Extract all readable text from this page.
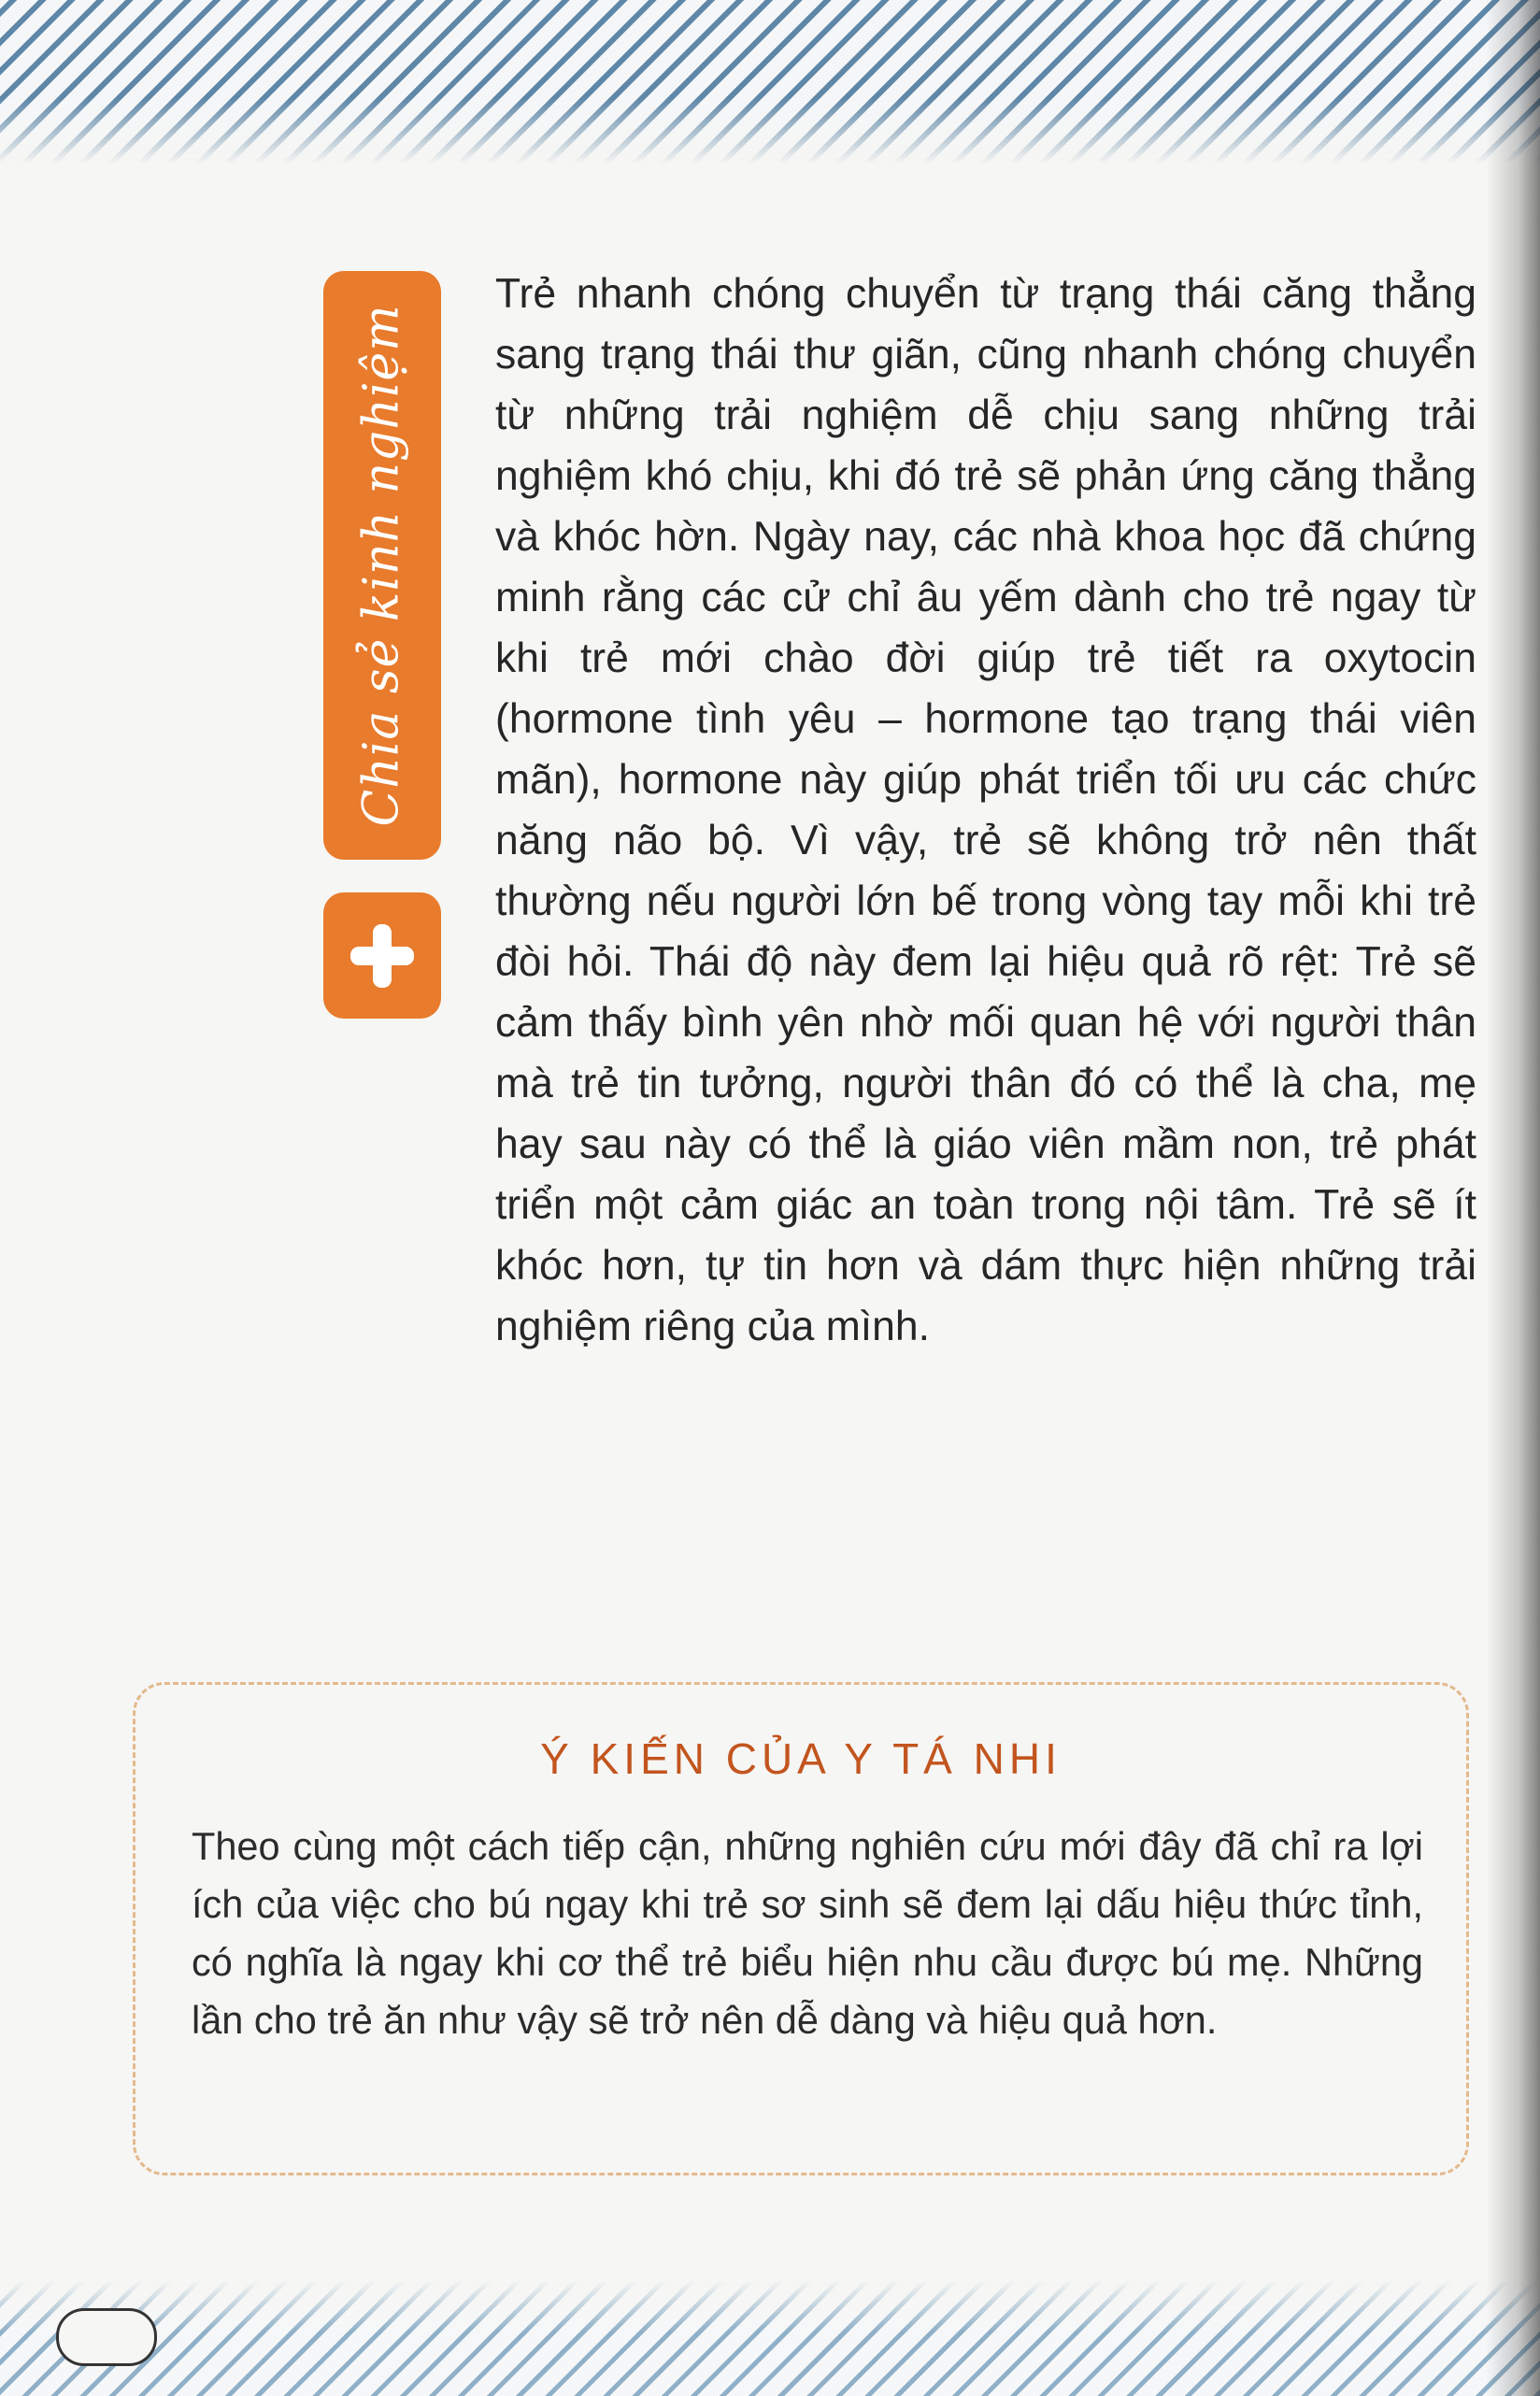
Chia sẻ kinh nghiệm

Trẻ nhanh chóng chuyển từ trạng thái căng thẳng sang trạng thái thư giãn, cũng nhanh chóng chuyển từ những trải nghiệm dễ chịu sang những trải nghiệm khó chịu, khi đó trẻ sẽ phản ứng căng thẳng và khóc hờn. Ngày nay, các nhà khoa học đã chứng minh rằng các cử chỉ âu yếm dành cho trẻ ngay từ khi trẻ mới chào đời giúp trẻ tiết ra oxytocin (hormone tình yêu – hormone tạo trạng thái viên mãn), hormone này giúp phát triển tối ưu các chức năng não bộ. Vì vậy, trẻ sẽ không trở nên thất thường nếu người lớn bế trong vòng tay mỗi khi trẻ đòi hỏi. Thái độ này đem lại hiệu quả rõ rệt: Trẻ sẽ cảm thấy bình yên nhờ mối quan hệ với người thân mà trẻ tin tưởng, người thân đó có thể là cha, mẹ hay sau này có thể là giáo viên mầm non, trẻ phát triển một cảm giác an toàn trong nội tâm. Trẻ sẽ ít khóc hơn, tự tin hơn và dám thực hiện những trải nghiệm riêng của mình.

Ý KIẾN CỦA Y TÁ NHI

Theo cùng một cách tiếp cận, những nghiên cứu mới đây đã chỉ ra lợi ích của việc cho bú ngay khi trẻ sơ sinh sẽ đem lại dấu hiệu thức tỉnh, có nghĩa là ngay khi cơ thể trẻ biểu hiện nhu cầu được bú mẹ. Những lần cho trẻ ăn như vậy sẽ trở nên dễ dàng và hiệu quả hơn.
